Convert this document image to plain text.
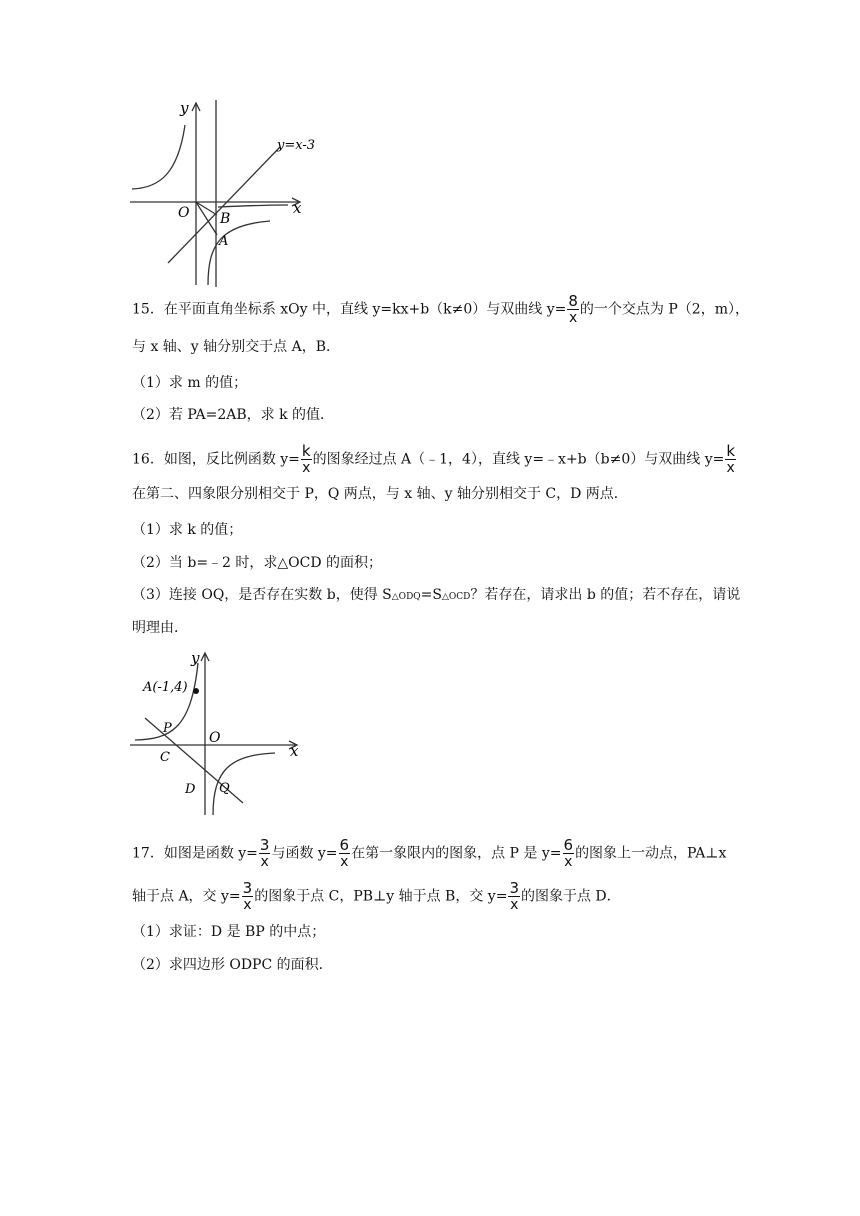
y
x
O
y=x-3
B
A
15．在平面直角坐标系 xOy 中，直线 y=kx+b（k≠0）与双曲线 $y= \frac{8}{x}$ 的一个交点为 P（2，m），
与 x 轴、y 轴分别交于点 A，B．
（1）求 m 的值；
（2）若 PA=2AB，求 k 的值．
16．如图，反比例函数 $y= \frac{k}{x}$ 的图象经过点 A（﹣1，4），直线 y=﹣x+b（b≠0）与双曲线 $y= \frac{k}{x}$
在第二、四象限分别相交于 P，Q 两点，与 x 轴、y 轴分别相交于 C，D 两点．
（1）求 k 的值；
（2）当 b=﹣2 时，求△OCD 的面积；
（3）连接 OQ，是否存在实数 b，使得 S△ODQ=S△OCD？若存在，请求出 b 的值；若不存在，请说
明理由．
y
x
O
A(-1,4)
P
C
D Q
17．如图是函数 $y= \frac{3}{x}$ 与函数 $y= \frac{6}{x}$ 在第一象限内的图象，点 P 是 $y= \frac{6}{x}$ 的图象上一动点，PA⊥x
轴于点 A，交 $y= \frac{3}{x}$ 的图象于点 C，PB⊥y 轴于点 B，交 $y= \frac{3}{x}$ 的图象于点 D．
（1）求证：D 是 BP 的中点；
（2）求四边形 ODPC 的面积．
